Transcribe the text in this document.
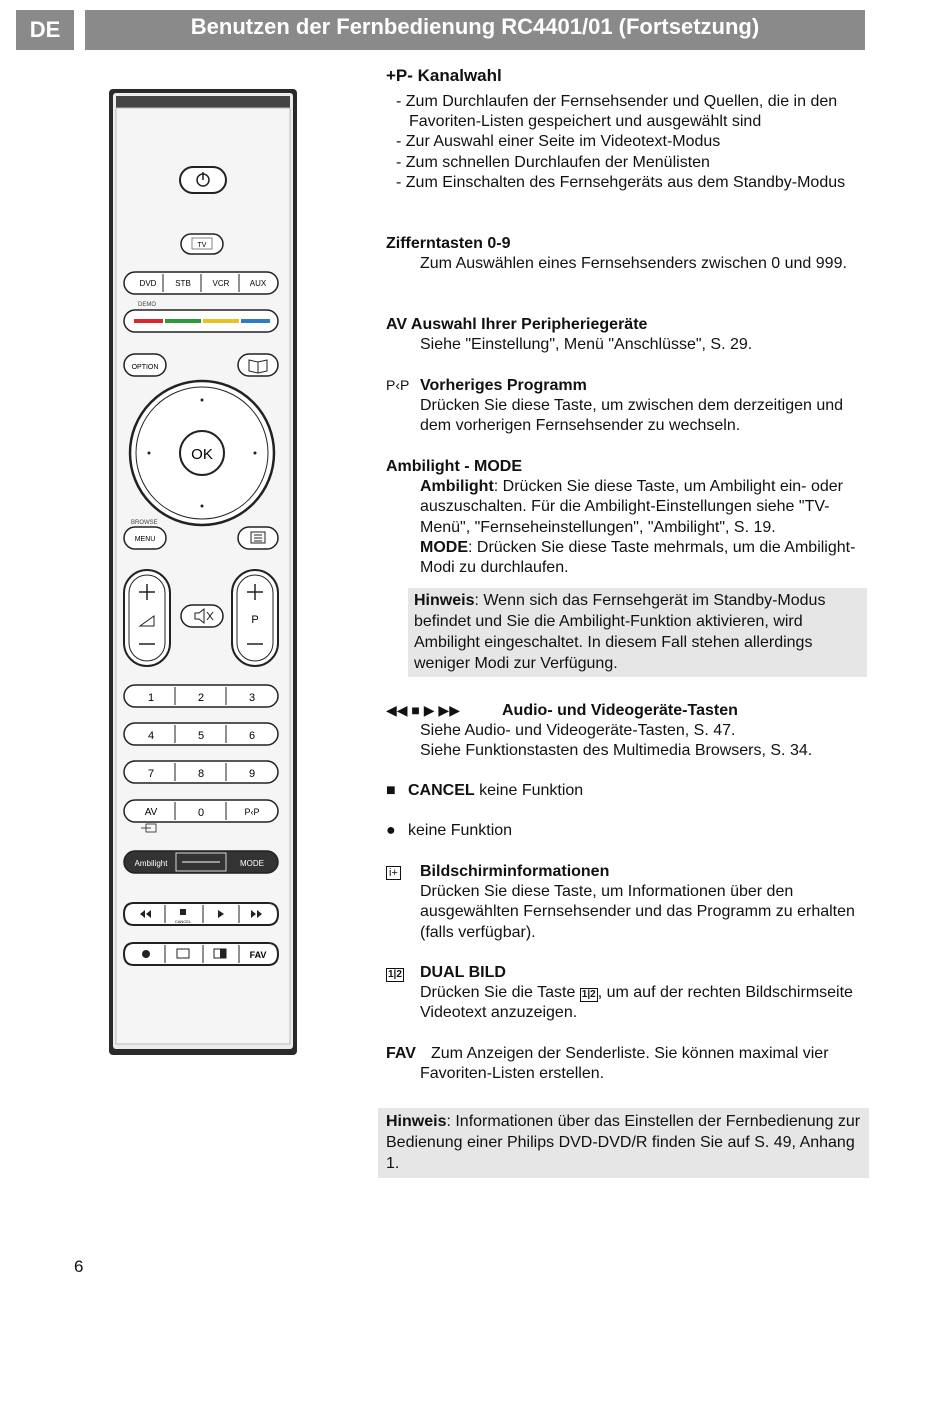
DE	Benutzen der Fernbedienung RC4401/01 (Fortsetzung)
TV
DVD STB	VCR	AUX
DEMO
OPTION
OK
BROWSE
MENU
P
1	2	3
4	5	6
7	8	9
AV	0	P‹P
Ambilight	MODE
CANCEL
FAV
+P- Kanalwahl
- Zum Durchlaufen der Fernsehsender und Quellen, die in den Favoriten-Listen gespeichert und ausgewählt sind
- Zur Auswahl einer Seite im Videotext-Modus
- Zum schnellen Durchlaufen der Menülisten
- Zum Einschalten des Fernsehgeräts aus dem Standby-Modus
Zifferntasten 0-9
Zum Auswählen eines Fernsehsenders zwischen 0 und 999.
AV Auswahl Ihrer Peripheriegeräte
Siehe "Einstellung", Menü "Anschlüsse", S. 29.
P‹P Vorheriges Programm
Drücken Sie diese Taste, um zwischen dem derzeitigen und dem vorherigen Fernsehsender zu wechseln.
Ambilight - MODE
Ambilight: Drücken Sie diese Taste, um Ambilight ein- oder auszuschalten. Für die Ambilight-Einstellungen siehe "TV-Menü", "Fernseheinstellungen", "Ambilight", S. 19.
MODE: Drücken Sie diese Taste mehrmals, um die Ambilight-Modi zu durchlaufen.
Hinweis: Wenn sich das Fernsehgerät im Standby-Modus befindet und Sie die Ambilight-Funktion aktivieren, wird Ambilight eingeschaltet. In diesem Fall stehen allerdings weniger Modi zur Verfügung.
◀◀ ■ ▶ ▶▶	Audio- und Videogeräte-Tasten
Siehe Audio- und Videogeräte-Tasten, S. 47.
Siehe Funktionstasten des Multimedia Browsers, S. 34.
■ CANCEL keine Funktion
● keine Funktion
i+ Bildschirminformationen
Drücken Sie diese Taste, um Informationen über den ausgewählten Fernsehsender und das Programm zu erhalten (falls verfügbar).
1|2 DUAL BILD
Drücken Sie die Taste 1|2 , um auf der rechten Bildschirmseite Videotext anzuzeigen.
FAV Zum Anzeigen der Senderliste. Sie können maximal vier Favoriten-Listen erstellen.
Hinweis: Informationen über das Einstellen der Fernbedienung zur Bedienung einer Philips DVD-DVD/R finden Sie auf S. 49, Anhang 1.
6
